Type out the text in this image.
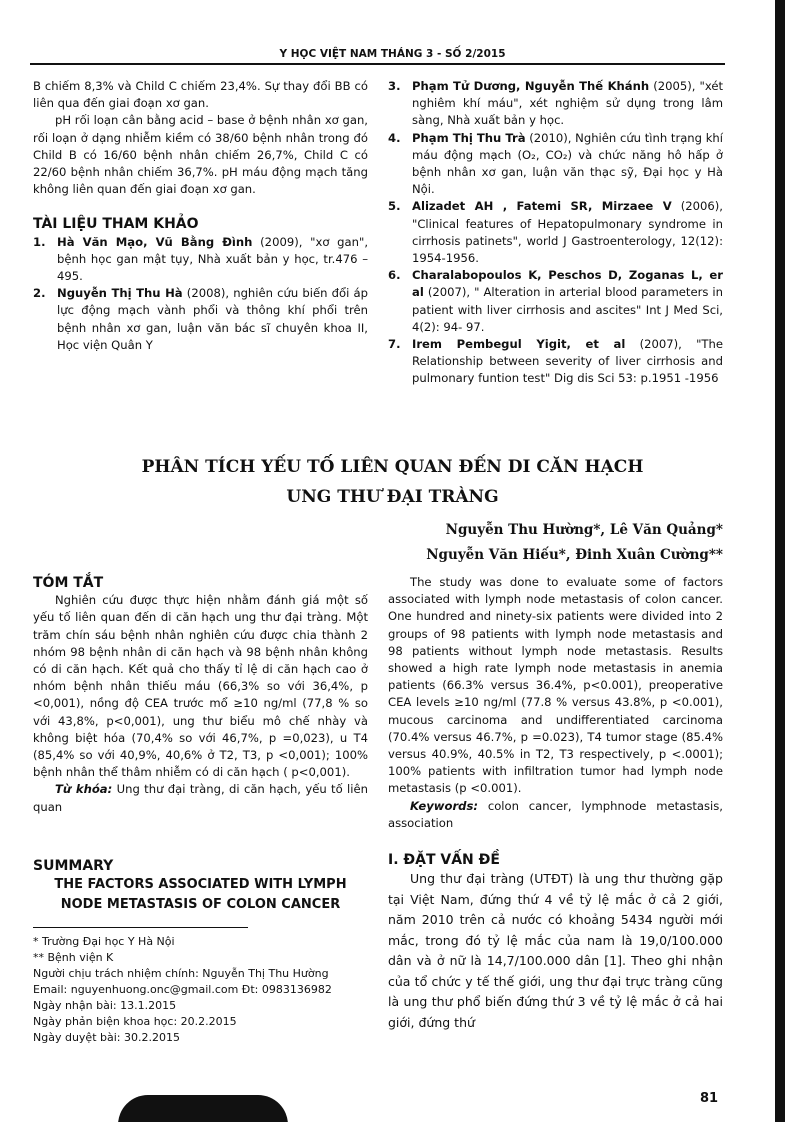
Y HỌC VIỆT NAM THÁNG 3 - SỐ 2/2015

B chiếm 8,3% và Child C chiếm 23,4%. Sự thay đổi BB có liên qua đến giai đoạn xơ gan.

pH rối loạn cân bằng acid – base ở bệnh nhân xơ gan, rối loạn ở dạng nhiễm kiềm có 38/60 bệnh nhân trong đó Child B có 16/60 bệnh nhân chiếm 26,7%, Child C có 22/60 bệnh nhân chiếm 36,7%. pH máu động mạch tăng không liên quan đến giai đoạn xơ gan.

TÀI LIỆU THAM KHẢO
1. Hà Văn Mạo, Vũ Bằng Đình (2009), "xơ gan", bệnh học gan mật tụy, Nhà xuất bản y học, tr.476 – 495.
2. Nguyễn Thị Thu Hà (2008), nghiên cứu biến đổi áp lực động mạch vành phổi và thông khí phổi trên bệnh nhân xơ gan, luận văn bác sĩ chuyên khoa II, Học viện Quân Y
3. Phạm Tử Dương, Nguyễn Thế Khánh (2005), "xét nghiêm khí máu", xét nghiệm sử dụng trong lâm sàng, Nhà xuất bản y học.
4. Phạm Thị Thu Trà (2010), Nghiên cứu tình trạng khí máu động mạch (O₂, CO₂) và chức năng hô hấp ở bệnh nhân xơ gan, luận văn thạc sỹ, Đại học y Hà Nội.
5. Alizadet AH , Fatemi SR, Mirzaee V (2006), "Clinical features of Hepatopulmonary syndrome in cirrhosis patinets", world J Gastroenterology, 12(12): 1954-1956.
6. Charalabopoulos K, Peschos D, Zoganas L, er al (2007), " Alteration in arterial blood parameters in patient with liver cirrhosis and ascites" Int J Med Sci, 4(2): 94- 97.
7. Irem Pembegul Yigit, et al (2007), "The Relationship between severity of liver cirrhosis and pulmonary funtion test" Dig dis Sci 53: p.1951 -1956
PHÂN TÍCH YẾU TỐ LIÊN QUAN ĐẾN DI CĂN HẠCH
UNG THƯ ĐẠI TRÀNG
Nguyễn Thu Hường*, Lê Văn Quảng*
Nguyễn Văn Hiếu*, Đinh Xuân Cường**
TÓM TẮT

Nghiên cứu được thực hiện nhằm đánh giá một số yếu tố liên quan đến di căn hạch ung thư đại tràng. Một trăm chín sáu bệnh nhân nghiên cứu được chia thành 2 nhóm 98 bệnh nhân di căn hạch và 98 bệnh nhân không có di căn hạch. Kết quả cho thấy tỉ lệ di căn hạch cao ở nhóm bệnh nhân thiếu máu (66,3% so với 36,4%, p <0,001), nồng độ CEA trước mổ ≥10 ng/ml (77,8 % so với 43,8%, p<0,001), ung thư biểu mô chế nhày và không biệt hóa (70,4% so với 46,7%, p =0,023), u T4 (85,4% so với 40,9%, 40,6% ở T2, T3, p <0,001); 100% bệnh nhân thể thâm nhiễm có di căn hạch ( p<0,001).

Từ khóa: Ung thư đại tràng, di căn hạch, yếu tố liên quan

SUMMARY
THE FACTORS ASSOCIATED WITH LYMPH NODE METASTASIS OF COLON CANCER
* Trường Đại học Y Hà Nội
** Bệnh viện K
Người chịu trách nhiệm chính: Nguyễn Thị Thu Hường
Email: nguyenhuong.onc@gmail.com Đt: 0983136982
Ngày nhận bài: 13.1.2015
Ngày phản biện khoa học: 20.2.2015
Ngày duyệt bài: 30.2.2015

The study was done to evaluate some of factors associated with lymph node metastasis of colon cancer. One hundred and ninety-six patients were divided into 2 groups of 98 patients with lymph node metastasis and 98 patients without lymph node metastasis. Results showed a high rate lymph node metastasis in anemia patients (66.3% versus 36.4%, p<0.001), preoperative CEA levels ≥10 ng/ml (77.8 % versus 43.8%, p <0.001), mucous carcinoma and undifferentiated carcinoma (70.4% versus 46.7%, p =0.023), T4 tumor stage (85.4% versus 40.9%, 40.5% in T2, T3 respectively, p <.0001); 100% patients with infiltration tumor had lymph node metastasis (p <0.001).

Keywords: colon cancer, lymphnode metastasis, association

I. ĐẶT VẤN ĐỀ

Ung thư đại tràng (UTĐT) là ung thư thường gặp tại Việt Nam, đứng thứ 4 về tỷ lệ mắc ở cả 2 giới, năm 2010 trên cả nước có khoảng 5434 người mới mắc, trong đó tỷ lệ mắc của nam là 19,0/100.000 dân và ở nữ là 14,7/100.000 dân [1]. Theo ghi nhận của tổ chức y tế thế giới, ung thư đại trực tràng cũng là ung thư phổ biến đứng thứ 3 về tỷ lệ mắc ở cả hai giới, đứng thứ

81
